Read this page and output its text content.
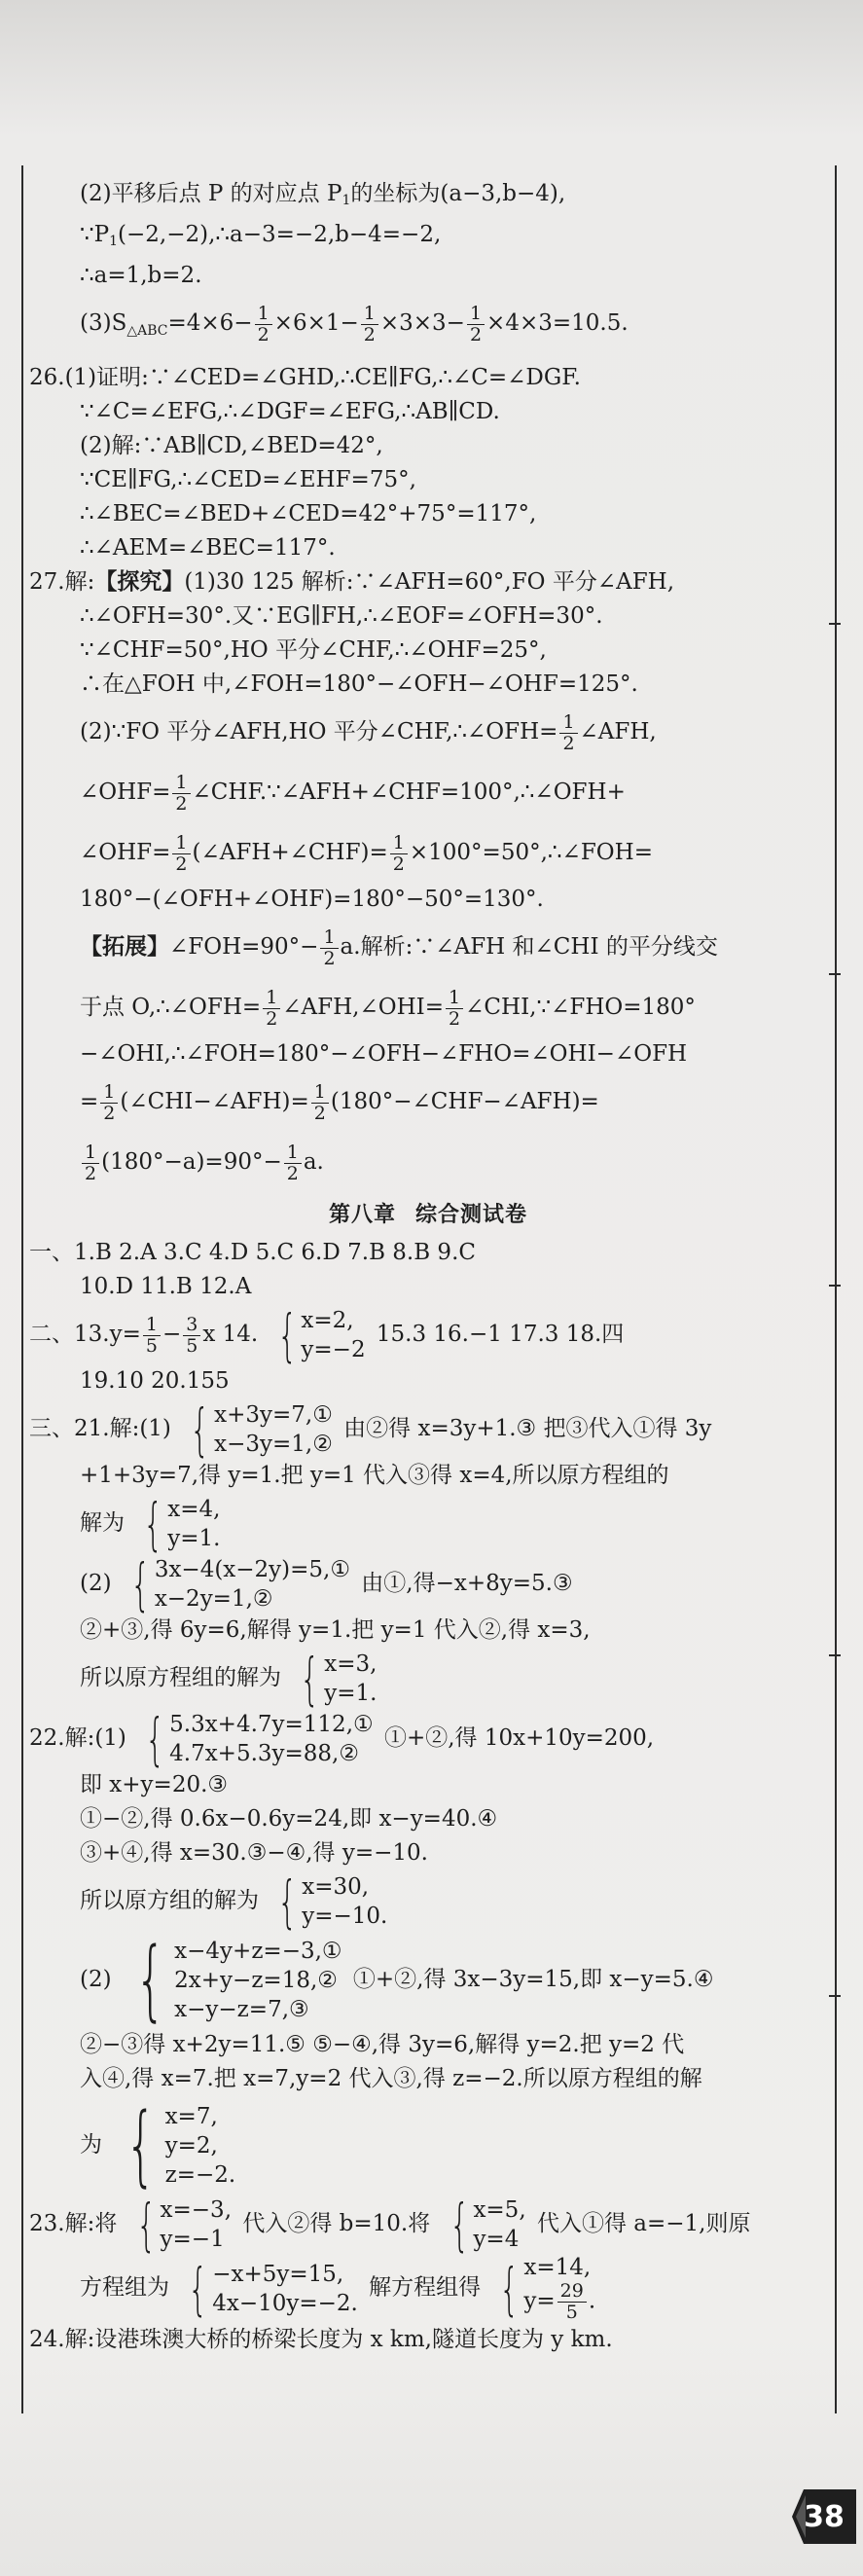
(2)平移后点 P 的对应点 $P_1$的坐标为(a−3,b−4),
$\because P_1(-2,-2),\therefore a-3=-2,b-4=-2$,
∴a=1,b=2.
$(3)S_{\triangle ABC}=4\times 6- \frac{1}{2} \times 6\times 1- \frac{1}{2} \times 3\times 3- \frac{1}{2} \times 4\times 3=10.5$.
26.(1)证明:∵∠CED=∠GHD,∴CE∥FG,∴∠C=∠DGF.
∵∠C=∠EFG,∴∠DGF=∠EFG,∴AB∥CD.
(2)解:∵AB∥CD,∠BED=42°,
∵CE∥FG,∴∠CED=∠EHF=75°,
∴∠BEC=∠BED+∠CED=42°+75°=117°,
∴∠AEM=∠BEC=117°.
27.解:【探究】(1)30 125 解析:∵∠AFH=60°,FO 平分∠AFH,
∴∠OFH=30°.又∵EG∥FH,∴∠EOF=∠OFH=30°.
∵∠CHF=50°,HO 平分∠CHF,∴∠OHF=25°,
∴在△FOH 中,∠FOH=180°−∠OFH−∠OHF=125°.
(2)∵FO 平分∠AFH,HO 平分∠CHF,∴∠OFH= $\frac{1}{2}$ ∠AFH,
∠OHF= $\frac{1}{2}$ ∠CHF.∵∠AFH+∠CHF=100°,∴∠OFH+
∠OHF= $\frac{1}{2}$ (∠AFH+∠CHF)= $\frac{1}{2}$ ×100°=50°,∴∠FOH=
180°−(∠OFH+∠OHF)=180°−50°=130°.
【拓展】∠FOH=90°− $\frac{1}{2} a$.解析:∵∠AFH 和∠CHI 的平分线交
于点 O,∴∠OFH= $\frac{1}{2}$ ∠AFH,∠OHI= $\frac{1}{2}$ ∠CHI,∵∠FHO=180°
−∠OHI,∴∠FOH=180°−∠OFH−∠FHO=∠OHI−∠OFH
= $\frac{1}{2}$ (∠CHI−∠AFH)= $\frac{1}{2}$ (180°−∠CHF−∠AFH)=
$\frac{1}{2} (180^\circ-a)=90^\circ- \frac{1}{2} a$.
第八章 综合测试卷
一、1.B 2.A 3.C 4.D 5.C 6.D 7.B 8.B 9.C
10.D 11.B 12.A
二、$13.y= \frac{1}{5} - \frac{3}{5}$ x 14. { x=2,
y=−2
15.3 16.−1 17.3 18.四
19.10 20.155
三、21.解:(1) { x+3y=7,①
x−3y=1,②
由②得 x=3y+1.③ 把③代入①得 3y
+1+3y=7,得 y=1.把 y=1 代入③得 x=4,所以原方程组的
解为 { x=4,
y=1.
(2) { 3x−4(x−2y)=5,①
x−2y=1,②
由①,得−x+8y=5.③
②+③,得 6y=6,解得 y=1.把 y=1 代入②,得 x=3,
所以原方程组的解为 { x=3,
y=1.
22.解:(1) { 5.3x+4.7y=112,①
4.7x+5.3y=88,②
①+②,得 10x+10y=200,
即 x+y=20.③
①−②,得 0.6x−0.6y=24,即 x−y=40.④
③+④,得 x=30.③−④,得 y=−10.
所以原方组的解为 { x=30,
y=−10.
(2) { x−4y+z=−3,①
2x+y−z=18,②
x−y−z=7,③
①+②,得 3x−3y=15,即 x−y=5.④
②−③得 x+2y=11.⑤ ⑤−④,得 3y=6,解得 y=2.把 y=2 代
入④,得 x=7.把 x=7,y=2 代入③,得 z=−2.所以原方程组的解
为 { x=7,
y=2,
z=−2.
23.解:将 { x=−3,
y=−1
代入②得 b=10.将 { x=5,
y=4
代入①得 a=−1,则原
方程组为 { −x+5y=15,
4x−10y=−2.
解方程组得 { x=14,
$y= \frac{29}{5}$ .
24.解:设港珠澳大桥的桥梁长度为 x km,隧道长度为 y km.
38
